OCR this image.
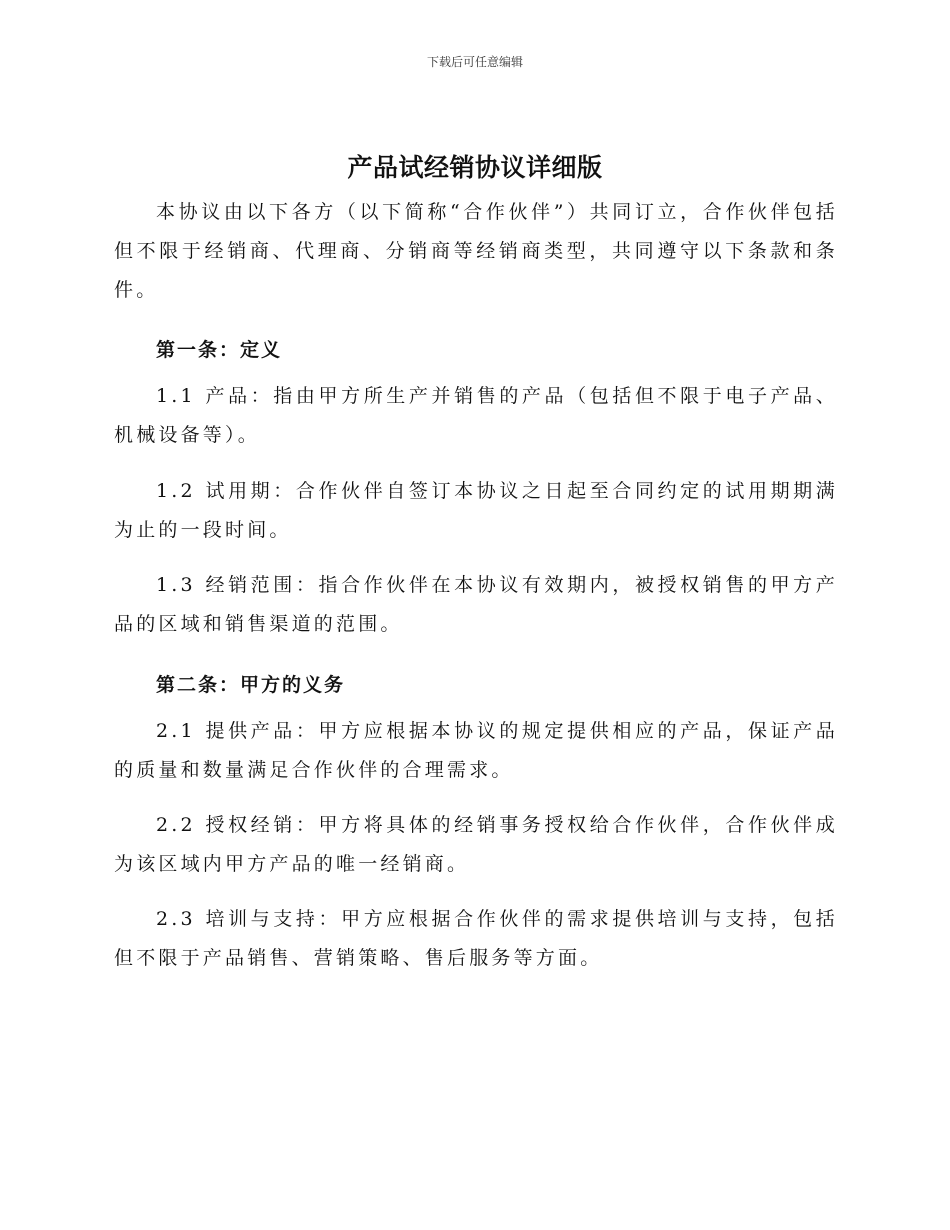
下载后可任意编辑
产品试经销协议详细版

本协议由以下各方（以下简称“合作伙伴”）共同订立，合作伙伴包括但不限于经销商、代理商、分销商等经销商类型，共同遵守以下条款和条件。

第一条：定义

1.1 产品：指由甲方所生产并销售的产品（包括但不限于电子产品、机械设备等）。

1.2 试用期：合作伙伴自签订本协议之日起至合同约定的试用期期满为止的一段时间。

1.3 经销范围：指合作伙伴在本协议有效期内，被授权销售的甲方产品的区域和销售渠道的范围。

第二条：甲方的义务

2.1 提供产品：甲方应根据本协议的规定提供相应的产品，保证产品的质量和数量满足合作伙伴的合理需求。

2.2 授权经销：甲方将具体的经销事务授权给合作伙伴，合作伙伴成为该区域内甲方产品的唯一经销商。

2.3 培训与支持：甲方应根据合作伙伴的需求提供培训与支持，包括但不限于产品销售、营销策略、售后服务等方面。
